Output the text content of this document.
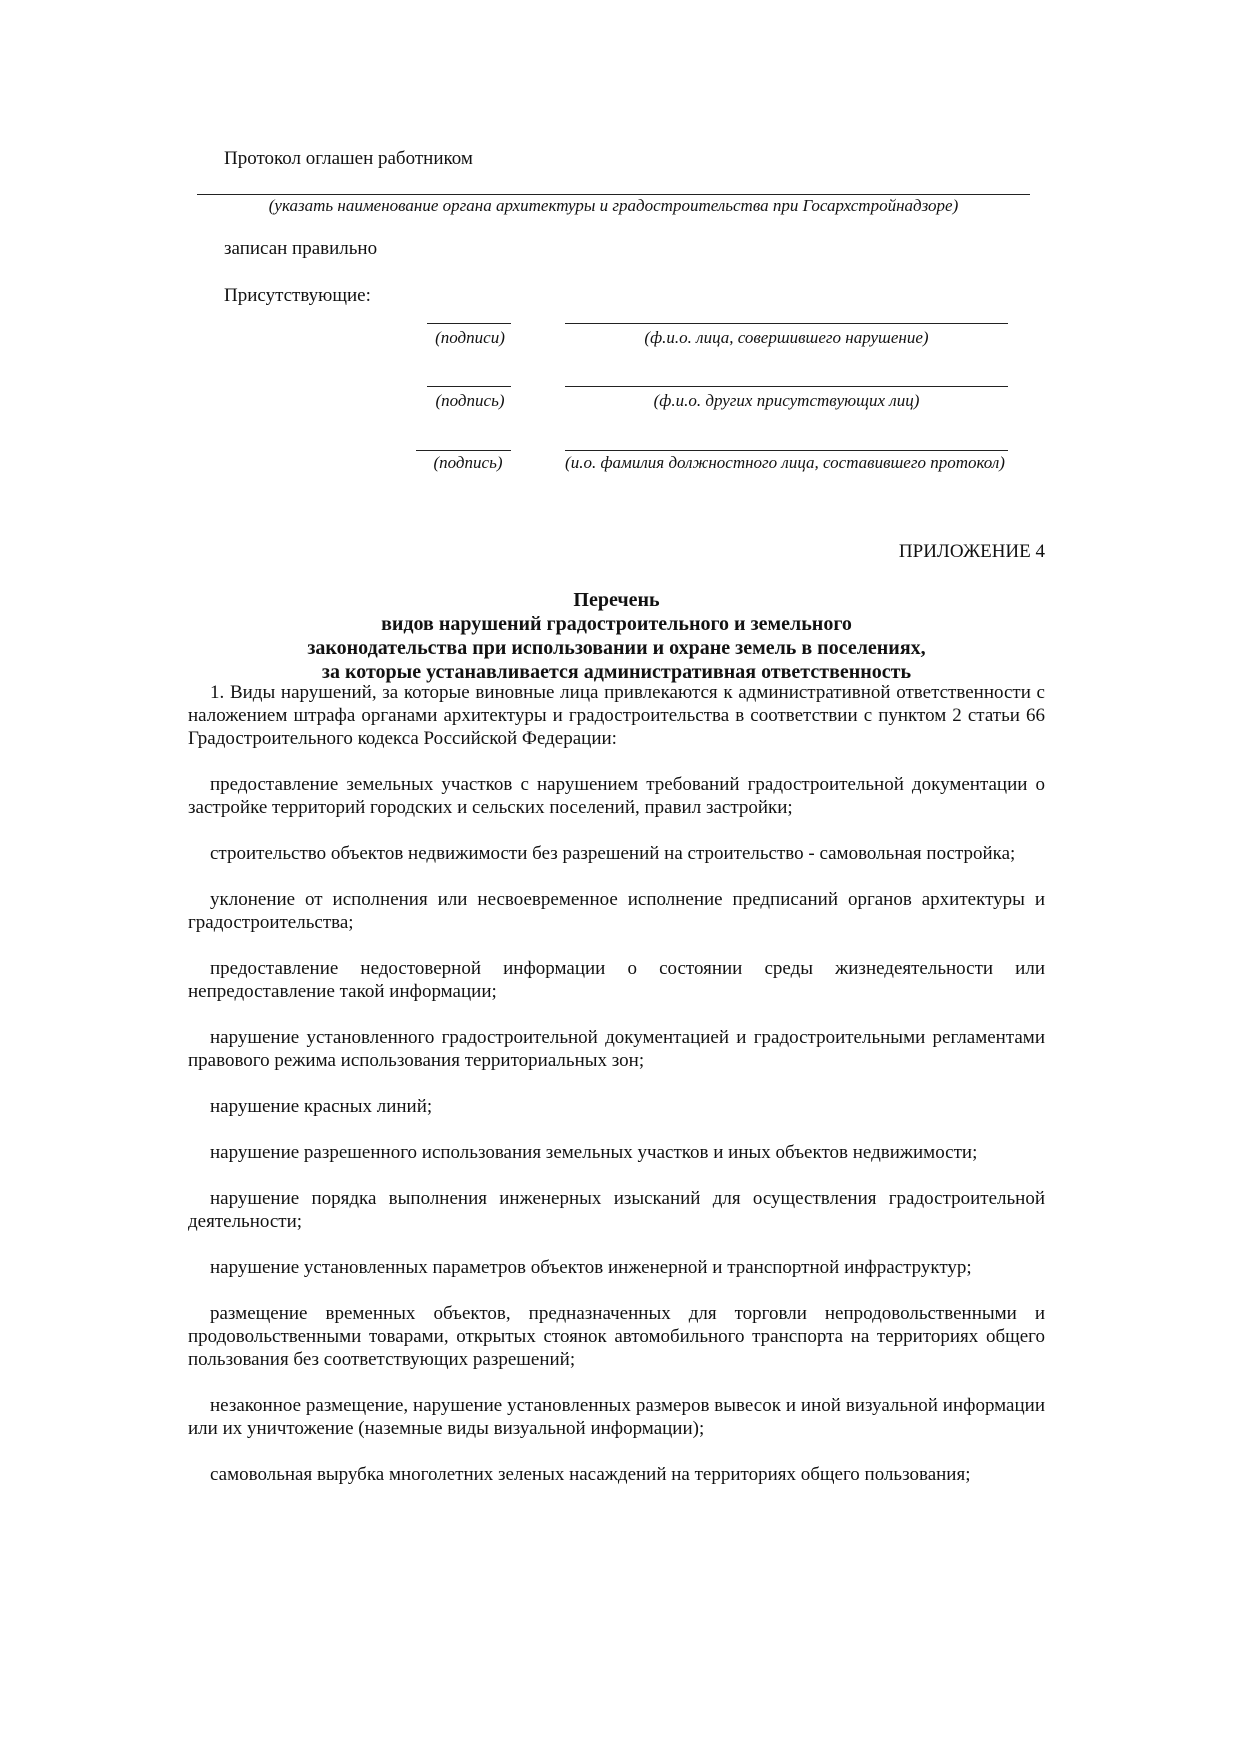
Протокол оглашен работником
(указать наименование органа архитектуры и градостроительства при Госархстройнадзоре)
записан правильно
Присутствующие:
(подписи)	(ф.и.о. лица, совершившего нарушение)
(подпись)	(ф.и.о. других присутствующих лиц)
(подпись)	(и.о. фамилия должностного лица, составившего протокол)
ПРИЛОЖЕНИЕ 4
Перечень
видов нарушений градостроительного и земельного
законодательства при использовании и охране земель в поселениях,
за которые устанавливается административная ответственность

1. Виды нарушений, за которые виновные лица привлекаются к административной ответственности с наложением штрафа органами архитектуры и градостроительства в соответствии с пунктом 2 статьи 66 Градостроительного кодекса Российской Федерации:

предоставление земельных участков с нарушением требований градостроительной документации о застройке территорий городских и сельских поселений, правил застройки;

строительство объектов недвижимости без разрешений на строительство - самовольная постройка;

уклонение от исполнения или несвоевременное исполнение предписаний органов архитектуры и градостроительства;

предоставление недостоверной информации о состоянии среды жизнедеятельности или непредоставление такой информации;

нарушение установленного градостроительной документацией и градостроительными регламентами правового режима использования территориальных зон;

нарушение красных линий;

нарушение разрешенного использования земельных участков и иных объектов недвижимости;

нарушение порядка выполнения инженерных изысканий для осуществления градостроительной деятельности;

нарушение установленных параметров объектов инженерной и транспортной инфраструктур;

размещение временных объектов, предназначенных для торговли непродовольственными и продовольственными товарами, открытых стоянок автомобильного транспорта на территориях общего пользования без соответствующих разрешений;

незаконное размещение, нарушение установленных размеров вывесок и иной визуальной информации или их уничтожение (наземные виды визуальной информации);

самовольная вырубка многолетних зеленых насаждений на территориях общего пользования;
